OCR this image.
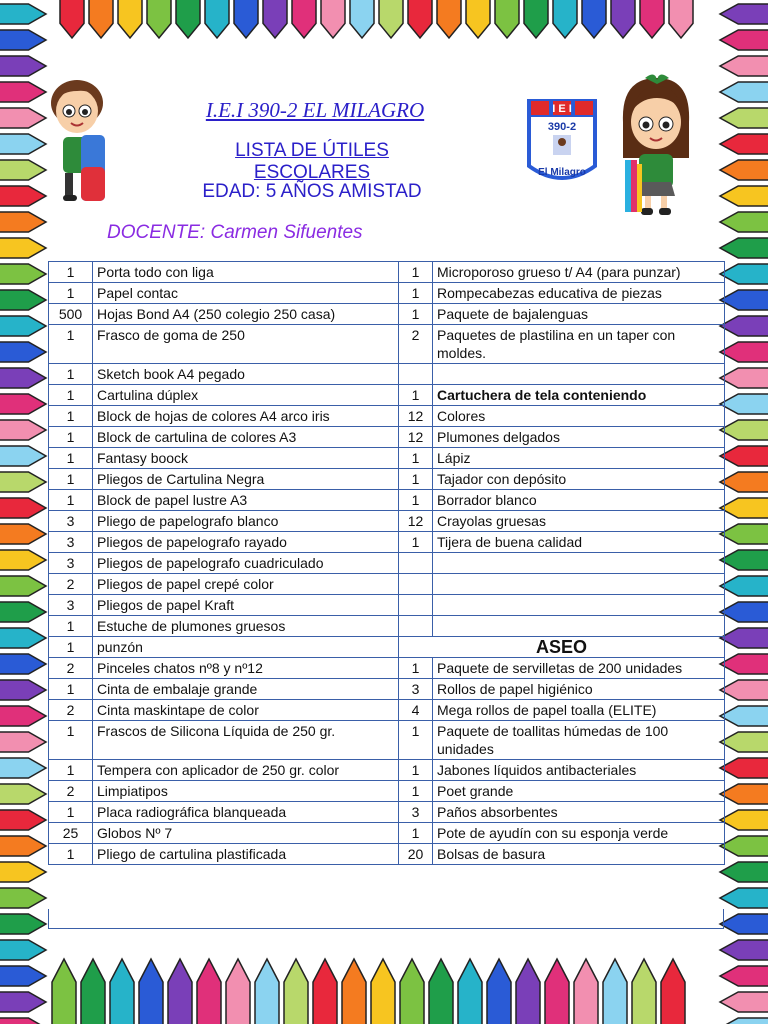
I.E.I 390-2 EL MILAGRO
LISTA DE ÚTILES ESCOLARES
EDAD: 5 AÑOS AMISTAD
DOCENTE: Carmen Sifuentes
I E I
390-2
El Milagro
1	Porta todo con liga	1	Microporoso grueso t/ A4 (para punzar)
1	Papel contac	1	Rompecabezas educativa de piezas
500	Hojas Bond A4 (250 colegio 250 casa)	1	Paquete de bajalenguas
1	Frasco de goma de 250	2	Paquetes de plastilina en un taper con moldes.
1	Sketch book A4 pegado		
1	Cartulina dúplex	1	Cartuchera de tela conteniendo
1	Block de hojas de colores A4 arco iris	12	Colores
1	Block de cartulina de colores A3	12	Plumones delgados
1	Fantasy boock	1	Lápiz
1	Pliegos de Cartulina Negra	1	Tajador con depósito
1	Block de papel lustre A3	1	Borrador blanco
3	Pliego de papelografo blanco	12	Crayolas gruesas
3	Pliegos de papelografo rayado	1	Tijera de buena calidad
3	Pliegos de papelografo cuadriculado		
2	Pliegos de papel crepé color		
3	Pliegos de papel Kraft		
1	Estuche de plumones gruesos		
1	punzón	ASEO	
2	Pinceles chatos nº8 y nº12	1	Paquete de servilletas de 200 unidades
1	Cinta de embalaje grande	3	Rollos de papel higiénico
2	Cinta maskintape de color	4	Mega rollos de papel toalla (ELITE)
1	Frascos de Silicona Líquida de 250 gr.	1	Paquete de toallitas húmedas de 100 unidades
1	Tempera con aplicador de 250 gr. color	1	Jabones líquidos antibacteriales
2	Limpiatipos	1	Poet grande
1	Placa radiográfica blanqueada	3	Paños absorbentes
25	Globos Nº 7	1	Pote de ayudín con su esponja verde
1	Pliego de cartulina plastificada	20	Bolsas de basura
